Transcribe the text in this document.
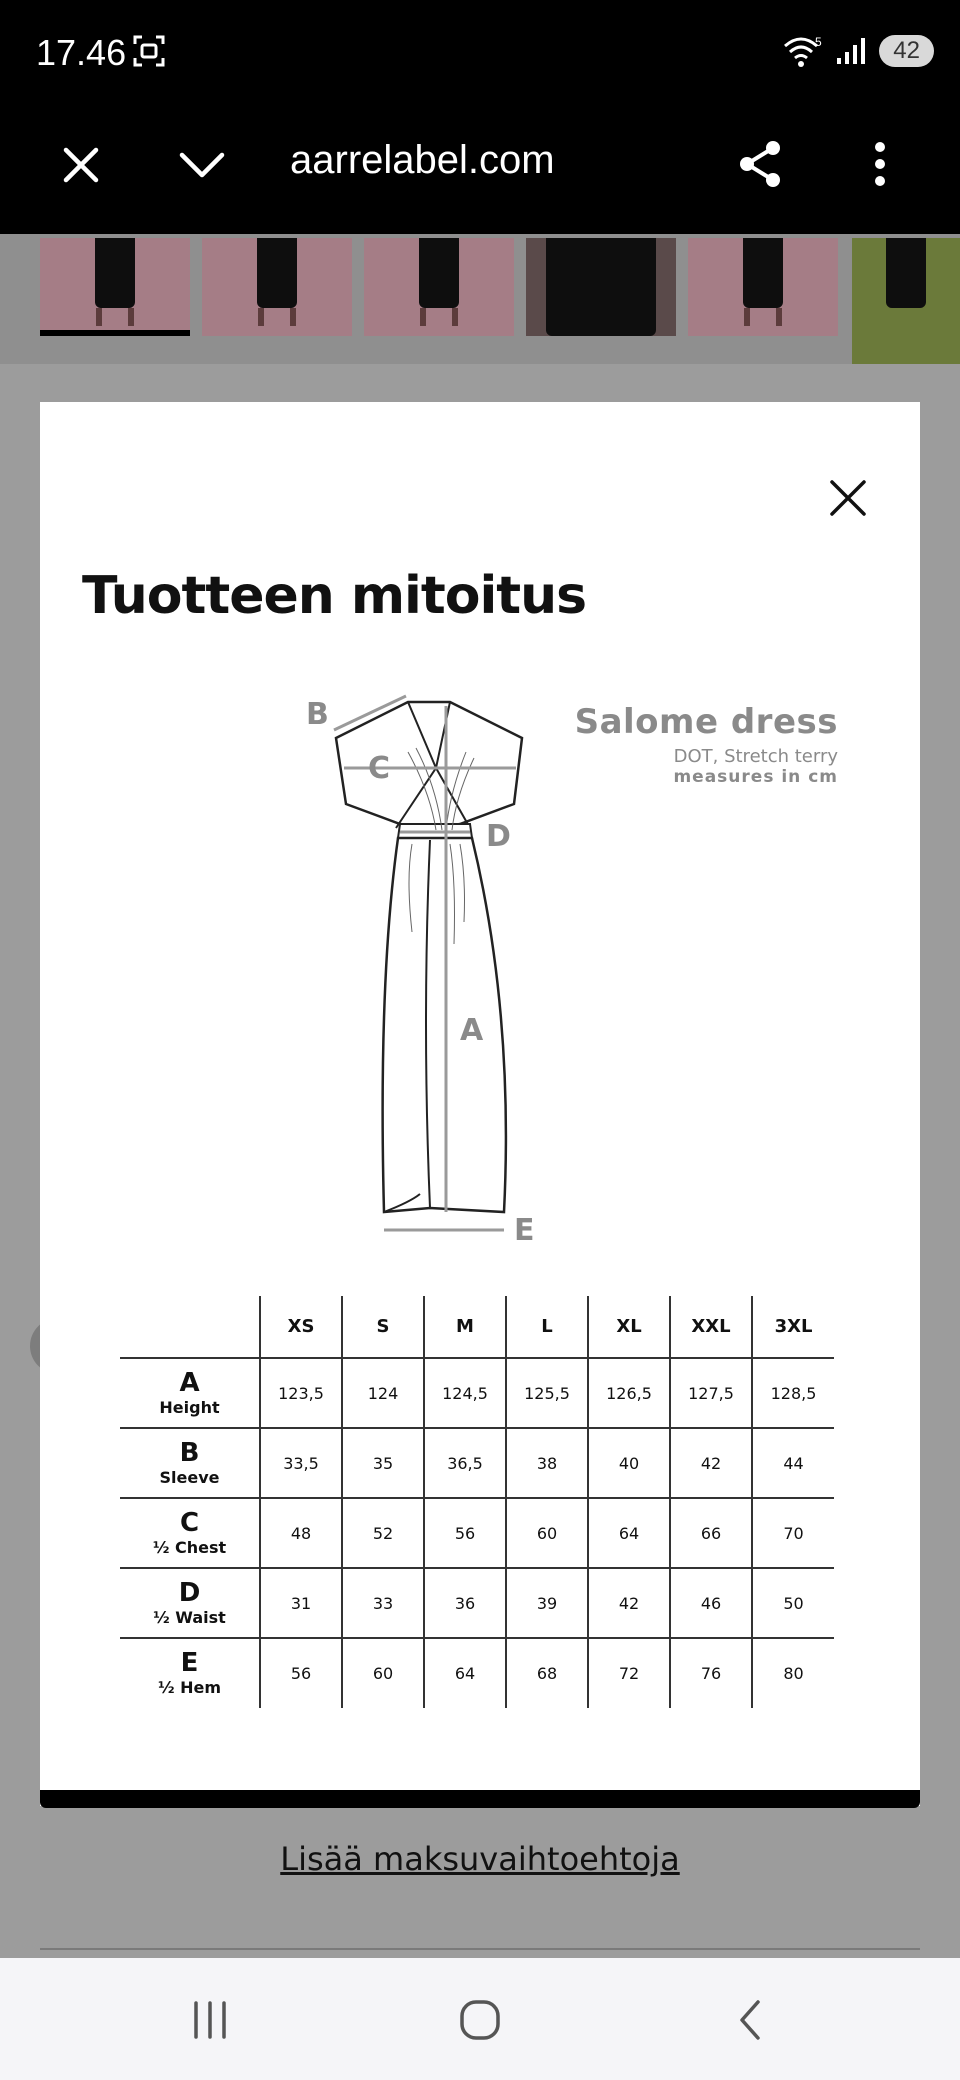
17.46	5	42
aarrelabel.com
Tuotteen mitoitus
B
C
D
A
E
Salome dress
DOT, Stretch terry
measures in cm
	XS	S	M	L	XL	XXL	3XL

A
Height	123,5	124	124,5	125,5	126,5	127,5	128,5

B
Sleeve	33,5	35	36,5	38	40	42	44

C
½ Chest	48	52	56	60	64	66	70

D
½ Waist	31	33	36	39	42	46	50

E
½ Hem	56	60	64	68	72	76	80
Lisää maksuvaihtoehtoja
